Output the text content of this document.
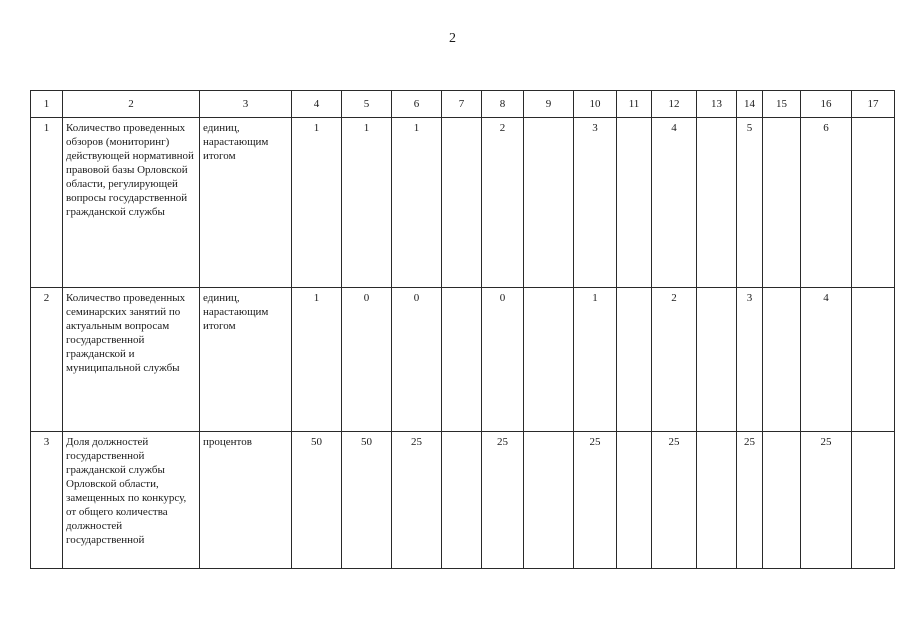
2
1	2	3	4	5	6	7	8	9	10	11	12	13	14	15	16	17
1	Количество проведенных обзоров (мониторинг) действующей нормативной правовой базы Орловской области, регулирующей вопросы государственной гражданской службы	единиц, нарастающим итогом	1	1	1		2		3		4		5		6	
2	Количество проведенных семинарских занятий по актуальным вопросам государственной гражданской и муниципальной службы	единиц, нарастающим итогом	1	0	0		0		1		2		3		4	
3	Доля должностей государственной гражданской службы Орловской области, замещенных по конкурсу, от общего количества должностей государственной	процентов	50	50	25		25		25		25		25		25	
